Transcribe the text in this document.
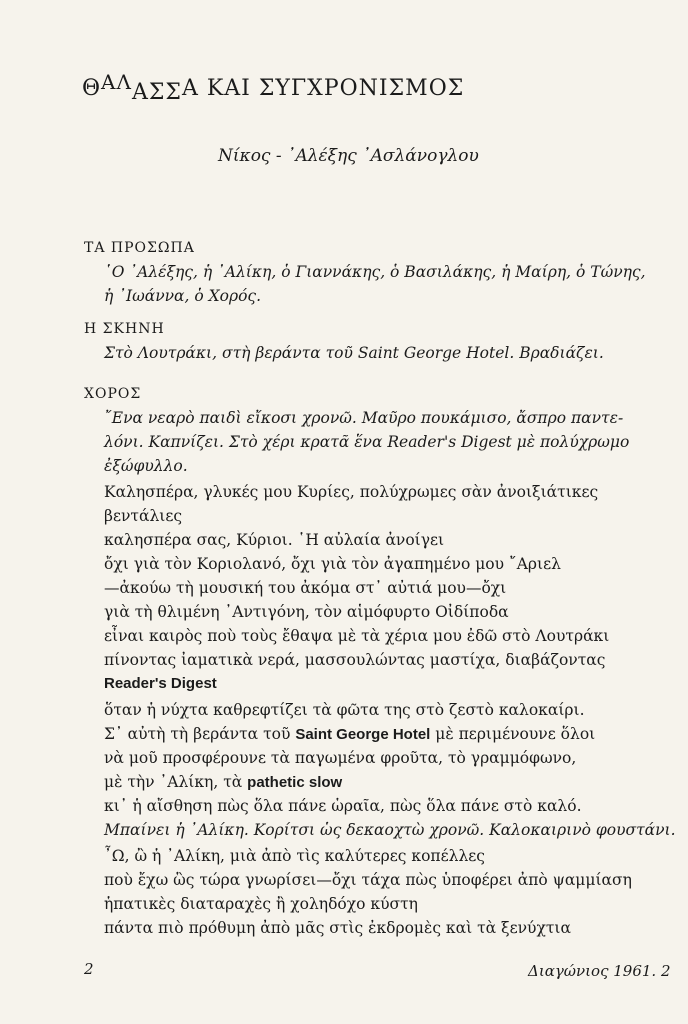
ΘΑΛΑΣΣΑ ΚΑΙ ΣΥΓΧΡΟΝΙΣΜΟΣ
Νίκος - ᾿Αλέξης ᾿Ασλάνογλου
ΤΑ ΠΡΟΣΩΠΑ
῾Ο ᾿Αλέξης, ἡ ᾿Αλίκη, ὁ Γιαννάκης, ὁ Βασιλάκης, ἡ Μαίρη, ὁ Τώνης,
ἡ ᾿Ιωάννα, ὁ Χορός.
Η ΣΚΗΝΗ
Στὸ Λουτράκι, στὴ βεράντα τοῦ Saint George Hotel. Βραδιάζει.
ΧΟΡΟΣ
῎Ενα νεαρὸ παιδὶ εἴκοσι χρονῶ. Μαῦρο πουκάμισο, ἄσπρο παντε-
λόνι. Καπνίζει. Στὸ χέρι κρατᾶ ἕνα Reader's Digest μὲ πολύχρωμο
ἐξώφυλλο.
Καλησπέρα, γλυκές μου Κυρίες, πολύχρωμες σὰν ἀνοιξιάτικες
βεντάλιες
καλησπέρα σας, Κύριοι. ῾Η αὐλαία ἀνοίγει
ὄχι γιὰ τὸν Κοριολανό, ὄχι γιὰ τὸν ἀγαπημένο μου ῎Αριελ
—ἀκούω τὴ μουσική του ἀκόμα στ᾿ αὐτιά μου—ὄχι
γιὰ τὴ θλιμένη ᾿Αντιγόνη, τὸν αἱμόφυρτο Οἰδίποδα
εἶναι καιρὸς ποὺ τοὺς ἔθαψα μὲ τὰ χέρια μου ἐδῶ στὸ Λουτράκι
πίνοντας ἰαματικὰ νερά, μασσουλώντας μαστίχα, διαβάζοντας
Reader's Digest
ὅταν ἡ νύχτα καθρεφτίζει τὰ φῶτα της στὸ ζεστὸ καλοκαίρι.
Σ᾿ αὐτὴ τὴ βεράντα τοῦ Saint George Hotel μὲ περιμένουνε ὅλοι
νὰ μοῦ προσφέρουνε τὰ παγωμένα φροῦτα, τὸ γραμμόφωνο,
μὲ τὴν ᾿Αλίκη, τὰ pathetic slow
κι᾿ ἡ αἴσθηση πὼς ὅλα πάνε ὡραῖα, πὼς ὅλα πάνε στὸ καλό.
Μπαίνει ἡ ᾿Αλίκη. Κορίτσι ὡς δεκαοχτὼ χρονῶ. Καλοκαιρινὸ φουστάνι.
῏Ω, ὢ ἡ ᾿Αλίκη, μιὰ ἀπὸ τὶς καλύτερες κοπέλλες
ποὺ ἔχω ὣς τώρα γνωρίσει—ὄχι τάχα πὼς ὑποφέρει ἀπὸ ψαμμίαση
ἡπατικὲς διαταραχὲς ἢ χοληδόχο κύστη
πάντα πιὸ πρόθυμη ἀπὸ μᾶς στὶς ἐκδρομὲς καὶ τὰ ξενύχτια
2	Διαγώνιος 1961. 2
